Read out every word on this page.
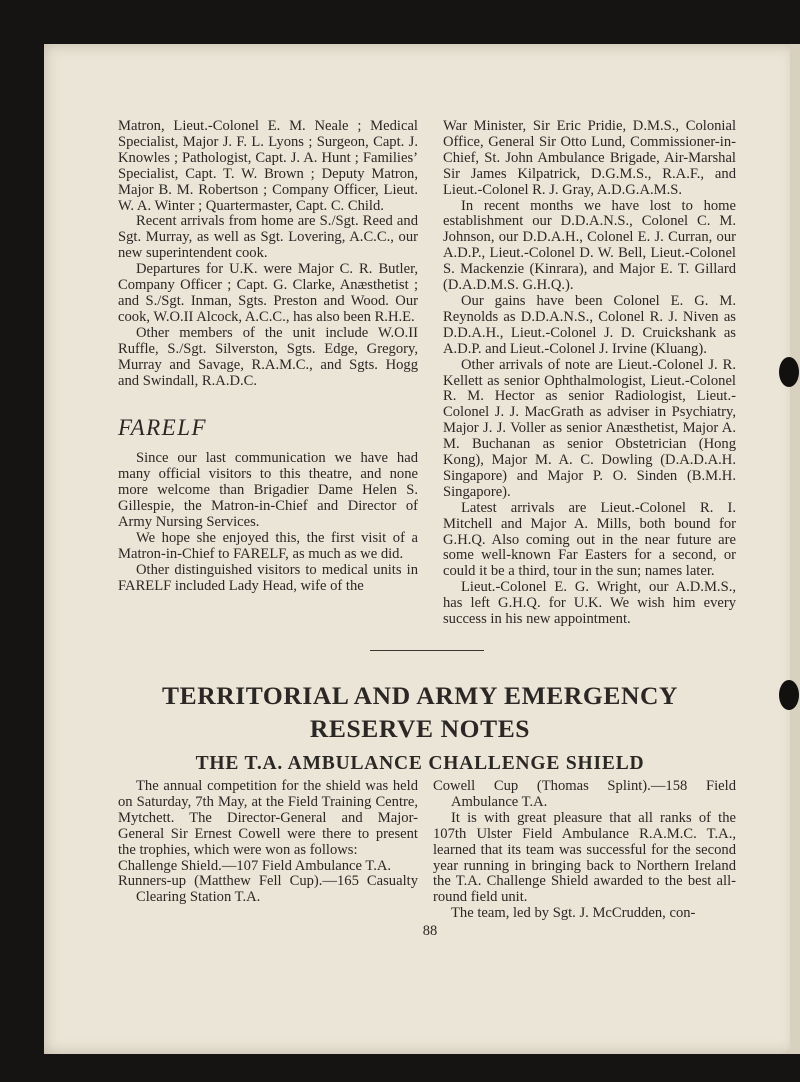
Matron, Lieut.-Colonel E. M. Neale ; Medical Specialist, Major J. F. L. Lyons ; Surgeon, Capt. J. Knowles ; Pathologist, Capt. J. A. Hunt ; Families’ Specialist, Capt. T. W. Brown ; Deputy Matron, Major B. M. Robertson ; Company Officer, Lieut. W. A. Winter ; Quartermaster, Capt. C. Child.

Recent arrivals from home are S./Sgt. Reed and Sgt. Murray, as well as Sgt. Lovering, A.C.C., our new superintendent cook.

Departures for U.K. were Major C. R. Butler, Company Officer ; Capt. G. Clarke, Anæsthetist ; and S./Sgt. Inman, Sgts. Preston and Wood. Our cook, W.O.II Alcock, A.C.C., has also been R.H.E.

Other members of the unit include W.O.II Ruffle, S./Sgt. Silverston, Sgts. Edge, Gregory, Murray and Savage, R.A.M.C., and Sgts. Hogg and Swindall, R.A.D.C.

FARELF

Since our last communication we have had many official visitors to this theatre, and none more welcome than Brigadier Dame Helen S. Gillespie, the Matron-in-Chief and Director of Army Nursing Services.

We hope she enjoyed this, the first visit of a Matron-in-Chief to FARELF, as much as we did.

Other distinguished visitors to medical units in FARELF included Lady Head, wife of the

War Minister, Sir Eric Pridie, D.M.S., Colonial Office, General Sir Otto Lund, Commissioner-in-Chief, St. John Ambulance Brigade, Air-Marshal Sir James Kilpatrick, D.G.M.S., R.A.F., and Lieut.-Colonel R. J. Gray, A.D.G.A.M.S.

In recent months we have lost to home establishment our D.D.A.N.S., Colonel C. M. Johnson, our D.D.A.H., Colonel E. J. Curran, our A.D.P., Lieut.-Colonel D. W. Bell, Lieut.-Colonel S. Mackenzie (Kinrara), and Major E. T. Gillard (D.A.D.M.S. G.H.Q.).

Our gains have been Colonel E. G. M. Reynolds as D.D.A.N.S., Colonel R. J. Niven as D.D.A.H., Lieut.-Colonel J. D. Cruickshank as A.D.P. and Lieut.-Colonel J. Irvine (Kluang).

Other arrivals of note are Lieut.-Colonel J. R. Kellett as senior Ophthalmologist, Lieut.-Colonel R. M. Hector as senior Radiologist, Lieut.-Colonel J. J. MacGrath as adviser in Psychiatry, Major J. J. Voller as senior Anæsthetist, Major A. M. Buchanan as senior Obstetrician (Hong Kong), Major M. A. C. Dowling (D.A.D.A.H. Singapore) and Major P. O. Sinden (B.M.H. Singapore).

Latest arrivals are Lieut.-Colonel R. I. Mitchell and Major A. Mills, both bound for G.H.Q. Also coming out in the near future are some well-known Far Easters for a second, or could it be a third, tour in the sun; names later.

Lieut.-Colonel E. G. Wright, our A.D.M.S., has left G.H.Q. for U.K. We wish him every success in his new appointment.

TERRITORIAL AND ARMY EMERGENCY
RESERVE NOTES
THE T.A. AMBULANCE CHALLENGE SHIELD

The annual competition for the shield was held on Saturday, 7th May, at the Field Training Centre, Mytchett. The Director-General and Major-General Sir Ernest Cowell were there to present the trophies, which were won as follows:

Challenge Shield.—107 Field Ambulance T.A.

Runners-up (Matthew Fell Cup).—165 Casualty Clearing Station T.A.

Cowell Cup (Thomas Splint).—158 Field Ambulance T.A.

It is with great pleasure that all ranks of the 107th Ulster Field Ambulance R.A.M.C. T.A., learned that its team was successful for the second year running in bringing back to Northern Ireland the T.A. Challenge Shield awarded to the best all-round field unit.

The team, led by Sgt. J. McCrudden, con-

88
